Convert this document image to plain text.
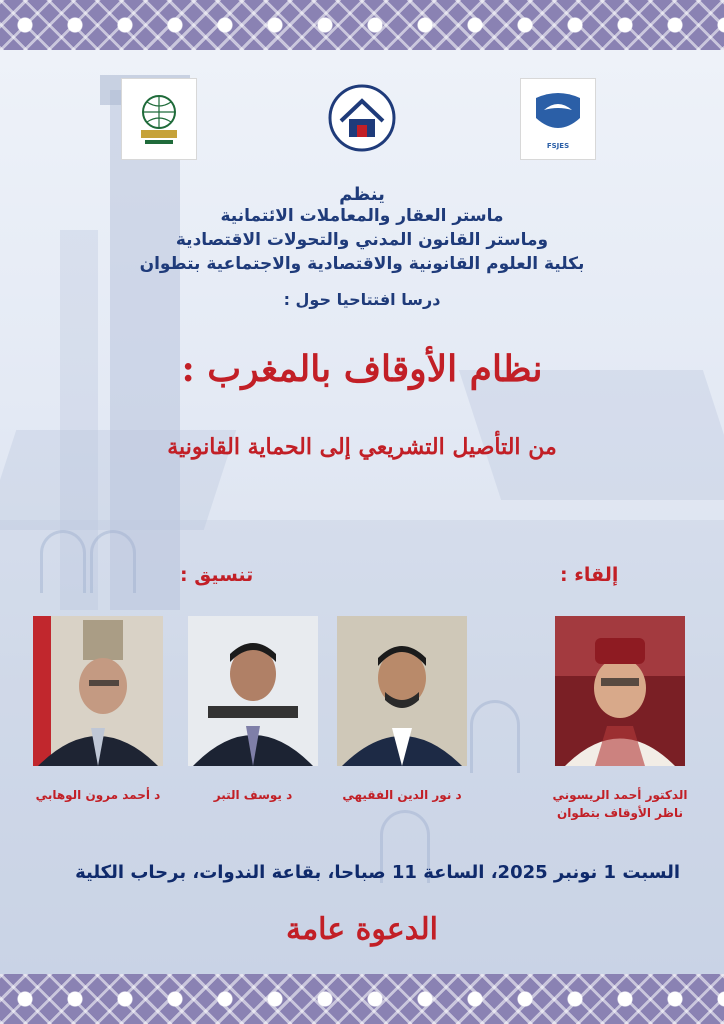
FSJES
ينظم
ماستر العقار والمعاملات الائتمانية
وماستر القانون المدني والتحولات الاقتصادية
بكلية العلوم القانونية والاقتصادية والاجتماعية بتطوان
درسا افتتاحيا حول :
نظام الأوقاف بالمغرب :
من التأصيل التشريعي إلى الحماية القانونية
إلقاء :
تنسيق :
الدكتور أحمد الريسوني
ناظر الأوقاف بتطوان
د نور الدين الفقيهي
د يوسف التبر
د أحمد مرون الوهابي
السبت 1 نونبر 2025، الساعة 11 صباحا، بقاعة الندوات، برحاب الكلية
الدعوة عامة
